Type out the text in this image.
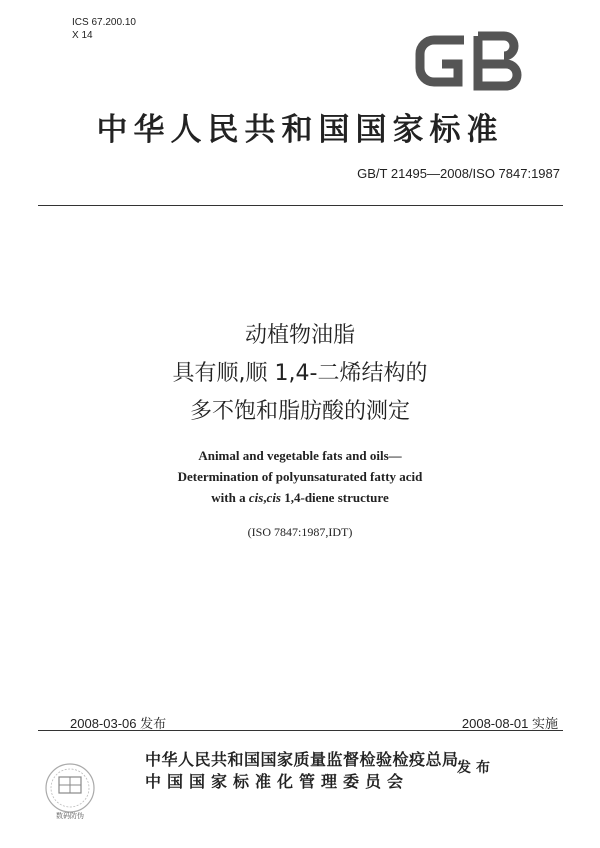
ICS 67.200.10
X 14
中华人民共和国国家标准
GB/T 21495—2008/ISO 7847:1987
动植物油脂
具有顺,顺 1,4-二烯结构的
多不饱和脂肪酸的测定
Animal and vegetable fats and oils—
Determination of polyunsaturated fatty acid
with a cis,cis 1,4-diene structure
(ISO 7847:1987,IDT)
2008-03-06 发布	2008-08-01 实施
数码防伪
中华人民共和国国家质量监督检验检疫总局
中国国家标准化管理委员会
发布
